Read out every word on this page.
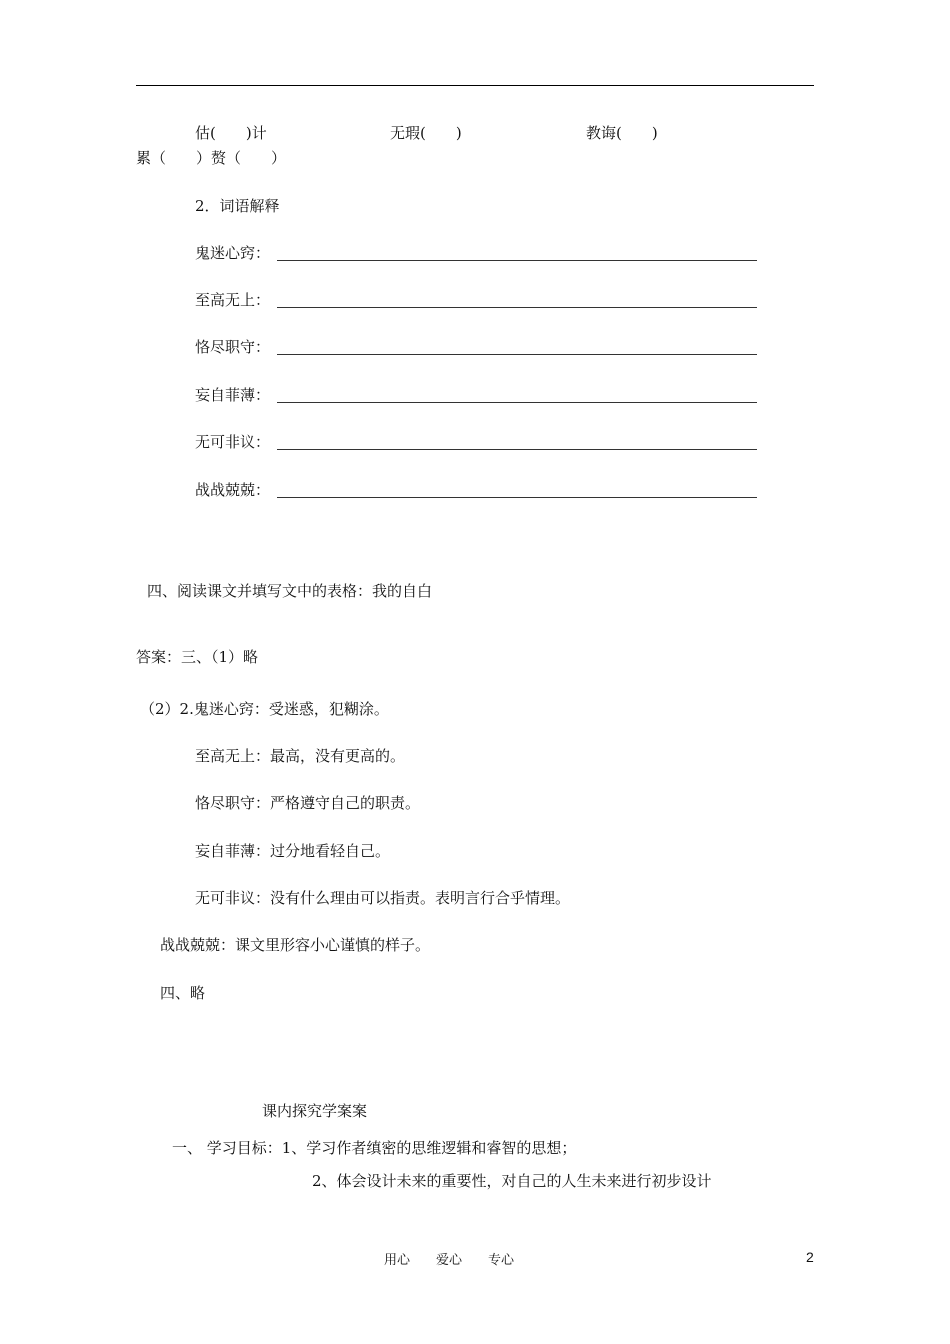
估(　　)计	无瑕(　　)	教诲(　　)
累（　　）赘（　　）
2．词语解释
鬼迷心窍：
至高无上：
恪尽职守：
妄自菲薄：
无可非议：
战战兢兢：
四、阅读课文并填写文中的表格：我的自白
答案：三、（1）略
（2）2.鬼迷心窍：受迷惑，犯糊涂。
至高无上：最高，没有更高的。
恪尽职守：严格遵守自己的职责。
妄自菲薄：过分地看轻自己。
无可非议：没有什么理由可以指责。表明言行合乎情理。
战战兢兢：课文里形容小心谨慎的样子。
四、略
课内探究学案案
一、 学习目标：1、学习作者缜密的思维逻辑和睿智的思想；
2、体会设计未来的重要性，对自己的人生未来进行初步设计
用心　　爱心　　专心	2
